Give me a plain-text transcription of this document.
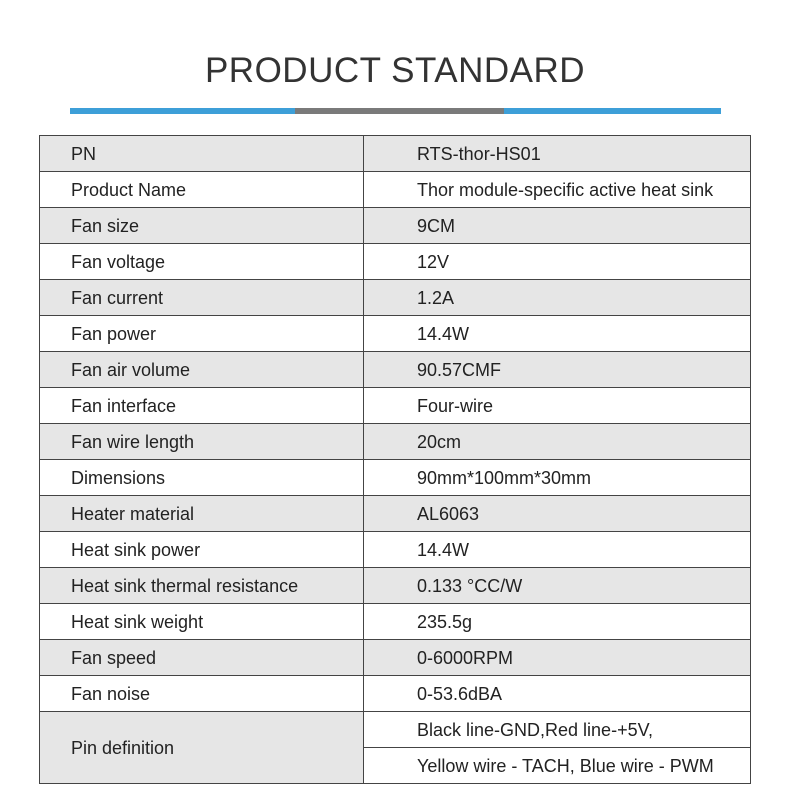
PRODUCT STANDARD
PN	RTS-thor-HS01
Product Name	Thor module-specific active heat sink
Fan size	9CM
Fan voltage	12V
Fan current	1.2A
Fan power	14.4W
Fan air volume	90.57CMF
Fan interface	Four-wire
Fan wire length	20cm
Dimensions	90mm*100mm*30mm
Heater material	AL6063
Heat sink power	14.4W
Heat sink thermal resistance	0.133 °CC/W
Heat sink weight	235.5g
Fan speed	0-6000RPM
Fan noise	0-53.6dBA
Pin definition	Black line-GND,Red line-+5V,
	Yellow wire - TACH, Blue wire - PWM
